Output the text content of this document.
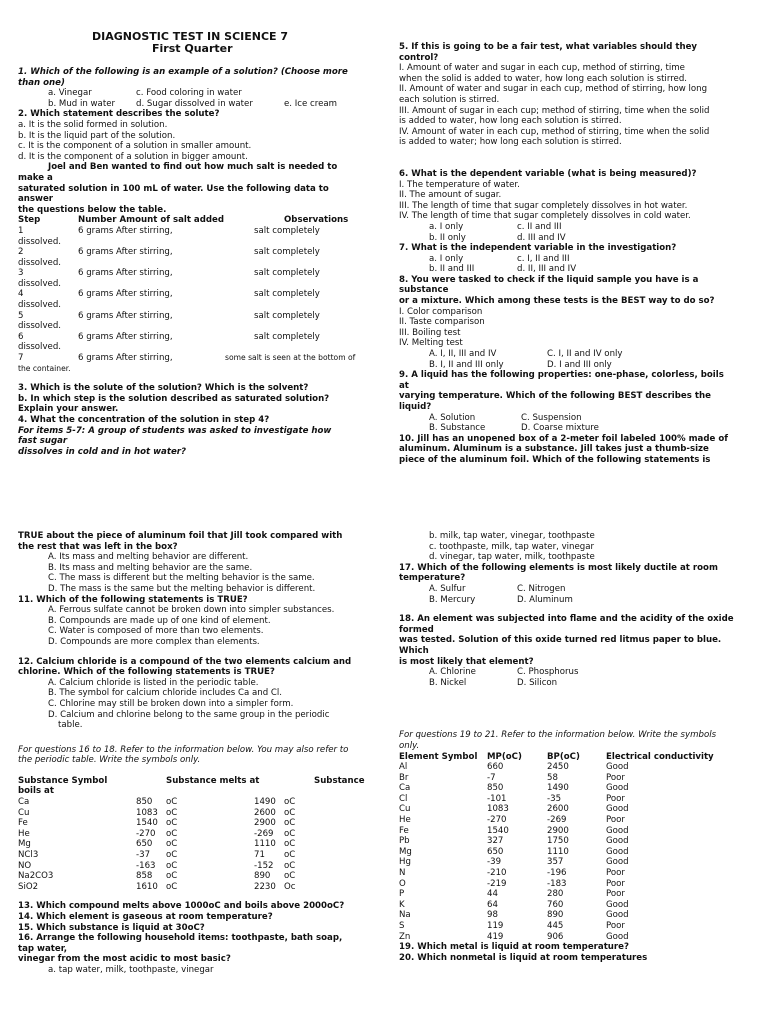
DIAGNOSTIC TEST IN SCIENCE 7
First Quarter
1. Which of the following is an example of a solution? (Choose more
than one)
a. Vinegar	c. Food coloring in water
b. Mud in water d. Sugar dissolved in water	e. Ice cream
2. Which statement describes the solute?
a. It is the solid formed in solution.
b. It is the liquid part of the solution.
c. It is the component of a solution in smaller amount.
d. It is the component of a solution in bigger amount.
Joel and Ben wanted to find out how much salt is needed to
make a
saturated solution in 100 mL of water. Use the following data to
answer
the questions below the table.
Step	Number Amount of salt added	Observations
1	6 grams After stirring,	salt completely
dissolved.
2	6 grams After stirring,	salt completely
dissolved.
3	6 grams After stirring,	salt completely
dissolved.
4	6 grams After stirring,	salt completely
dissolved.
5	6 grams After stirring,	salt completely
dissolved.
6	6 grams After stirring,	salt completely
dissolved.
7	6 grams After stirring,	some salt is seen at the bottom of
the container.
3. Which is the solute of the solution? Which is the solvent?
b. In which step is the solution described as saturated solution?
Explain your answer.
4. What the concentration of the solution in step 4?
For items 5-7: A group of students was asked to investigate how
fast sugar
dissolves in cold and in hot water?
5. If this is going to be a fair test, what variables should they
control?
I. Amount of water and sugar in each cup, method of stirring, time
when the solid is added to water, how long each solution is stirred.
II. Amount of water and sugar in each cup, method of stirring, how long
each solution is stirred.
III. Amount of sugar in each cup; method of stirring, time when the solid
is added to water, how long each solution is stirred.
IV. Amount of water in each cup, method of stirring, time when the solid
is added to water; how long each solution is stirred.
6. What is the dependent variable (what is being measured)?
I. The temperature of water.
II. The amount of sugar.
III. The length of time that sugar completely dissolves in hot water.
IV. The length of time that sugar completely dissolves in cold water.
a. I only	c. II and III
b. II only	d. III and IV
7. What is the independent variable in the investigation?
a. I only	c. I, II and III
b. II and III	d. II, III and IV
8. You were tasked to check if the liquid sample you have is a
substance
or a mixture. Which among these tests is the BEST way to do so?
I. Color comparison
II. Taste comparison
III. Boiling test
IV. Melting test
A. I, II, III and IV	C. I, II and IV only
B. I, II and III only	D. I and III only
9. A liquid has the following properties: one-phase, colorless, boils
at
varying temperature. Which of the following BEST describes the
liquid?
A. Solution	C. Suspension
B. Substance	D. Coarse mixture
10. Jill has an unopened box of a 2-meter foil labeled 100% made of
aluminum. Aluminum is a substance. Jill takes just a thumb-size
piece of the aluminum foil. Which of the following statements is
TRUE about the piece of aluminum foil that Jill took compared with
the rest that was left in the box?
A. Its mass and melting behavior are different.
B. Its mass and melting behavior are the same.
C. The mass is different but the melting behavior is the same.
D. The mass is the same but the melting behavior is different.
11. Which of the following statements is TRUE?
A. Ferrous sulfate cannot be broken down into simpler substances.
B. Compounds are made up of one kind of element.
C. Water is composed of more than two elements.
D. Compounds are more complex than elements.
12. Calcium chloride is a compound of the two elements calcium and
chlorine. Which of the following statements is TRUE?
A. Calcium chloride is listed in the periodic table.
B. The symbol for calcium chloride includes Ca and Cl.
C. Chlorine may still be broken down into a simpler form.
D. Calcium and chlorine belong to the same group in the periodic
table.
For questions 16 to 18. Refer to the information below. You may also refer to
the periodic table. Write the symbols only.
Substance Symbol	Substance melts at	Substance
boils at
Ca	850 oC	1490 oC
Cu	1083 oC	2600 oC
Fe	1540 oC	2900 oC
He	-270 oC	-269 oC
Mg	650 oC	1110 oC
NCl3	-37 oC	71 oC
NO	-163 oC	-152 oC
Na2CO3	858 oC	890 oC
SiO2	1610 oC	2230 Oc
13. Which compound melts above 1000oC and boils above 2000oC?
14. Which element is gaseous at room temperature?
15. Which substance is liquid at 30oC?
16. Arrange the following household items: toothpaste, bath soap,
tap water,
vinegar from the most acidic to most basic?
a. tap water, milk, toothpaste, vinegar
b. milk, tap water, vinegar, toothpaste
c. toothpaste, milk, tap water, vinegar
d. vinegar, tap water, milk, toothpaste
17. Which of the following elements is most likely ductile at room
temperature?
A. Sulfur	C. Nitrogen
B. Mercury	D. Aluminum
18. An element was subjected into flame and the acidity of the oxide
formed
was tested. Solution of this oxide turned red litmus paper to blue.
Which
is most likely that element?
A. Chlorine	C. Phosphorus
B. Nickel	D. Silicon
For questions 19 to 21. Refer to the information below. Write the symbols
only.
Element Symbol MP(oC)	BP(oC)	Electrical conductivity
Al	660	2450	Good
Br	-7	58	Poor
Ca	850	1490	Good
Cl	-101	-35	Poor
Cu	1083	2600	Good
He	-270	-269	Poor
Fe	1540	2900	Good
Pb	327	1750	Good
Mg	650	1110	Good
Hg	-39	357	Good
N	-210	-196	Poor
O	-219	-183	Poor
P	44	280	Poor
K	64	760	Good
Na	98	890	Good
S	119	445	Poor
Zn	419	906	Good
19. Which metal is liquid at room temperature?
20. Which nonmetal is liquid at room temperatures
